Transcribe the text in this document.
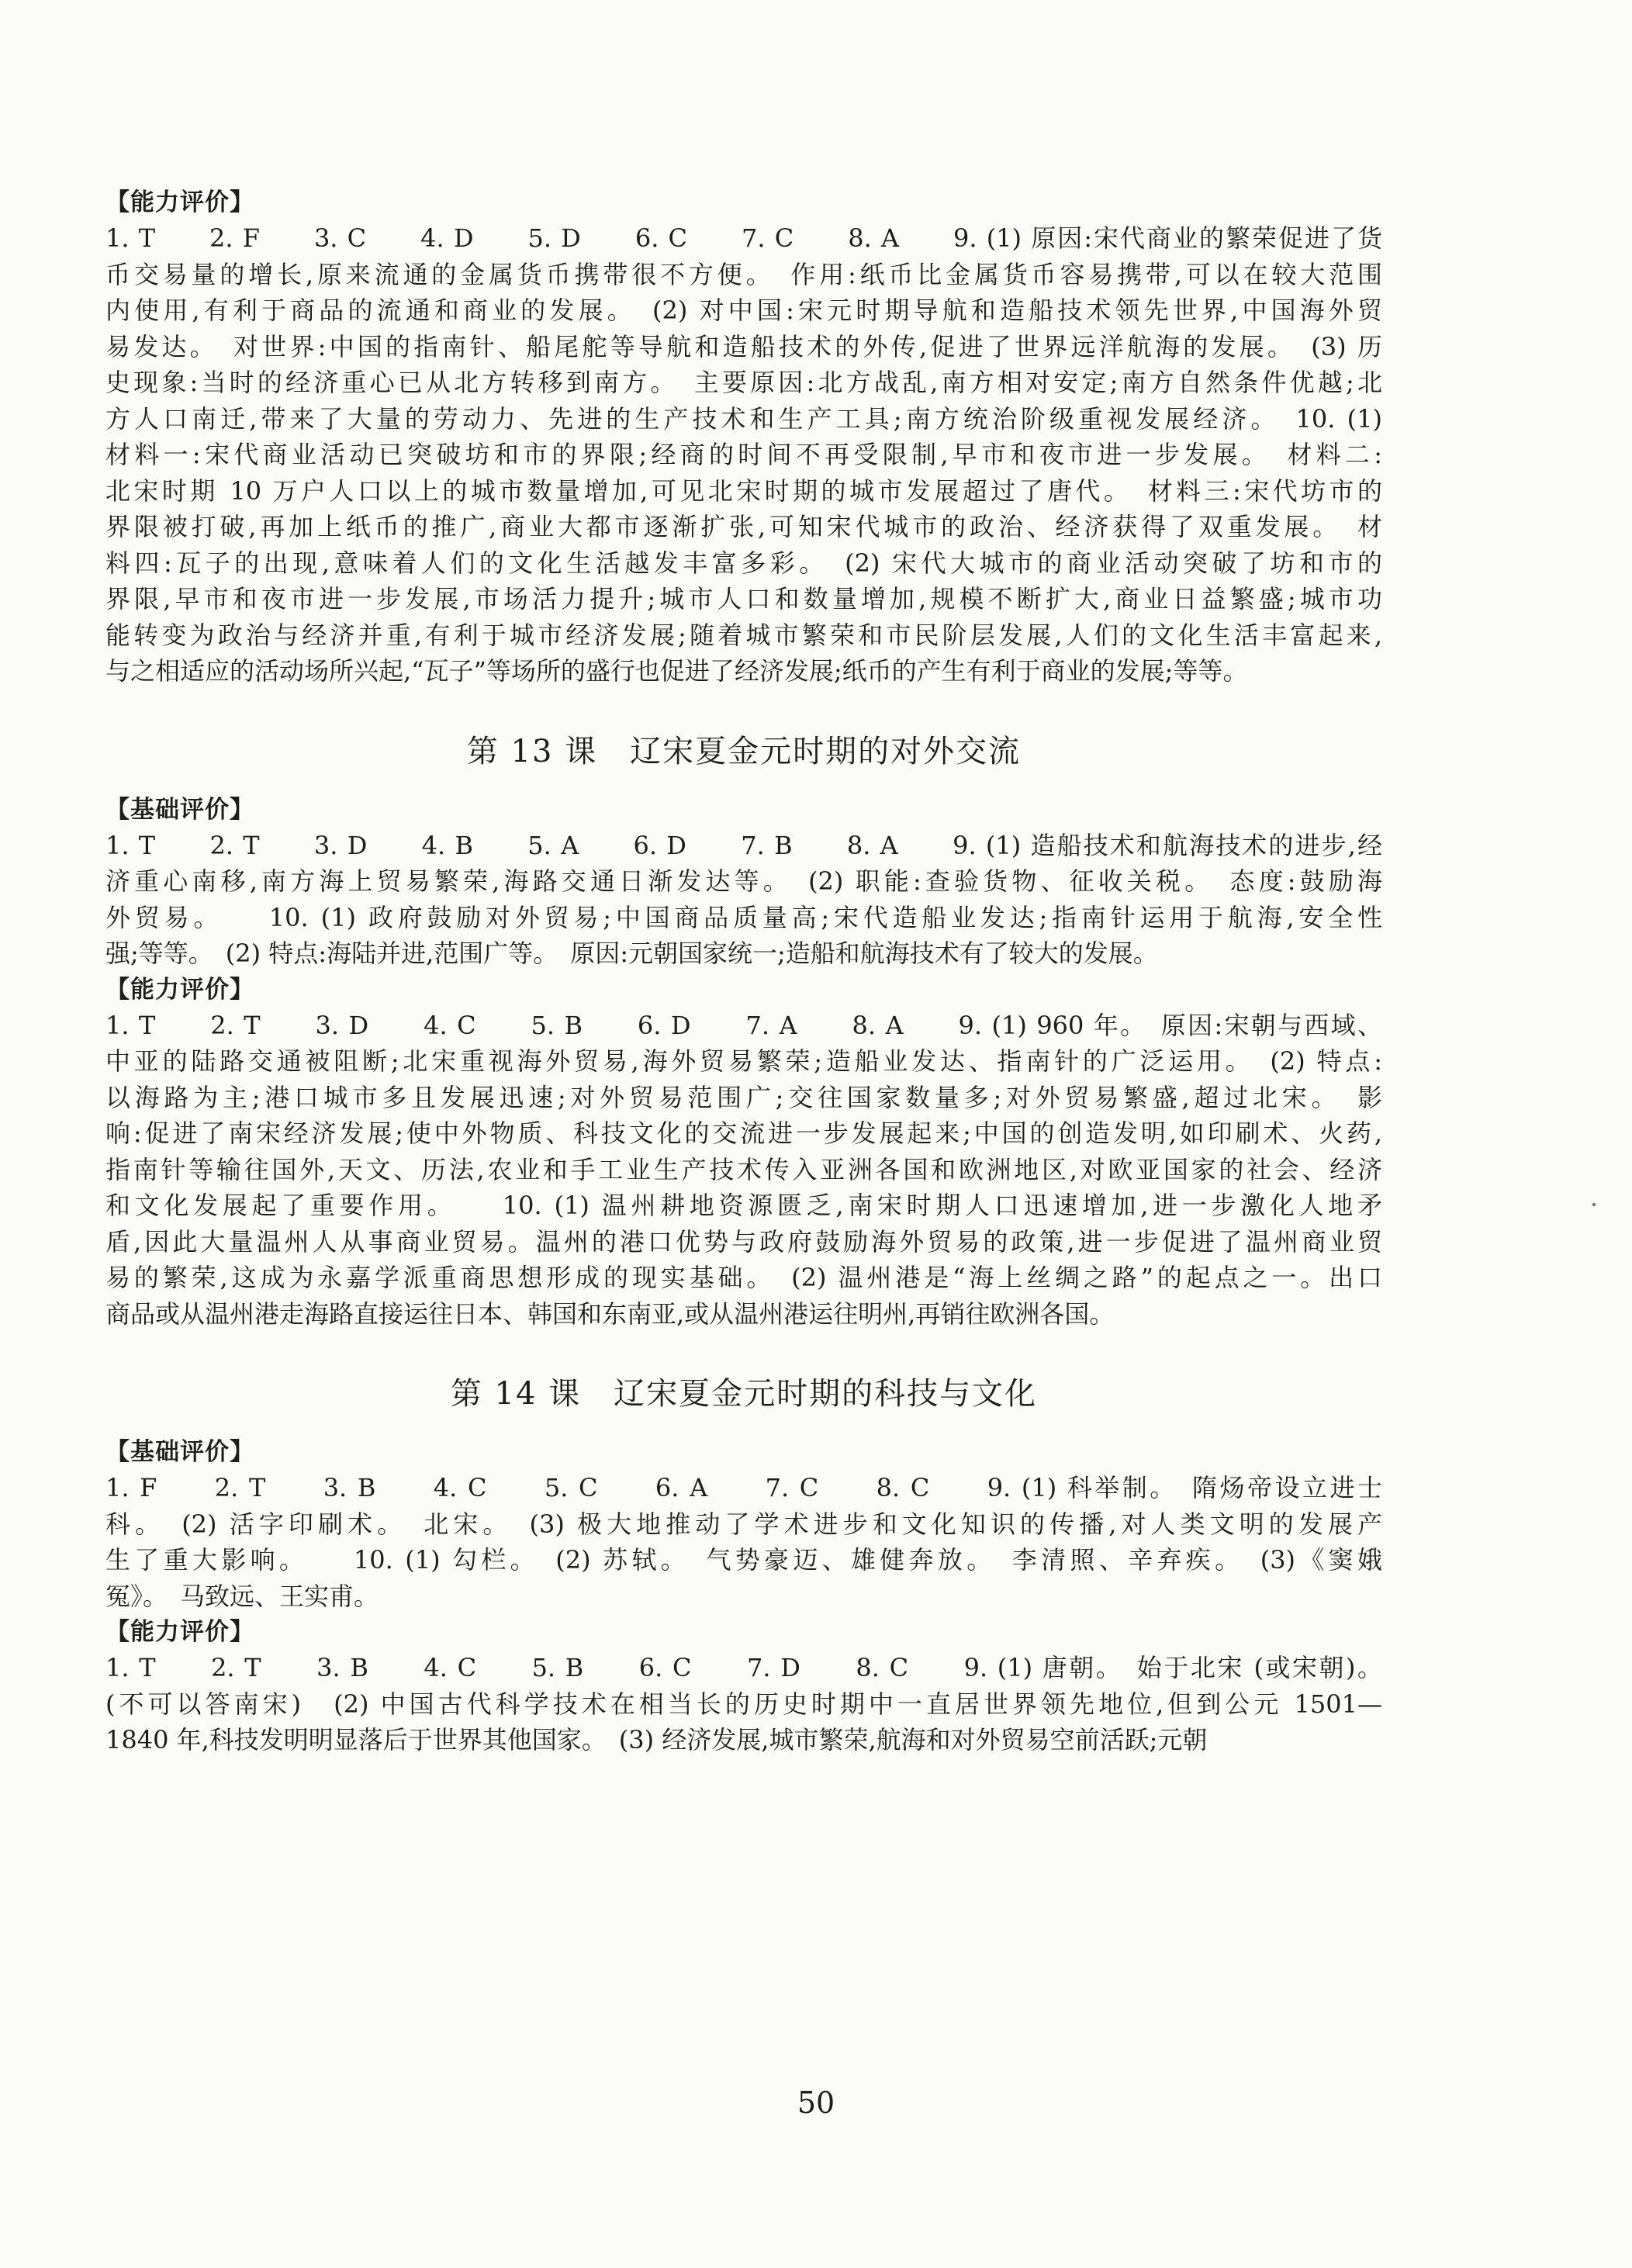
【能力评价】
1. T　　2. F　　3. C　　4. D　　5. D　　6. C　　7. C　　8. A　　9. (1) 原因:宋代商业的繁荣促进了货
币交易量的增长,原来流通的金属货币携带很不方便。　作用:纸币比金属货币容易携带,可以在较大范围
内使用,有利于商品的流通和商业的发展。　(2) 对中国:宋元时期导航和造船技术领先世界,中国海外贸
易发达。　对世界:中国的指南针、船尾舵等导航和造船技术的外传,促进了世界远洋航海的发展。　(3) 历
史现象:当时的经济重心已从北方转移到南方。　主要原因:北方战乱,南方相对安定;南方自然条件优越;北
方人口南迁,带来了大量的劳动力、先进的生产技术和生产工具;南方统治阶级重视发展经济。　10. (1)
材料一:宋代商业活动已突破坊和市的界限;经商的时间不再受限制,早市和夜市进一步发展。　材料二:
北宋时期 10 万户人口以上的城市数量增加,可见北宋时期的城市发展超过了唐代。　材料三:宋代坊市的
界限被打破,再加上纸币的推广,商业大都市逐渐扩张,可知宋代城市的政治、经济获得了双重发展。　材
料四:瓦子的出现,意味着人们的文化生活越发丰富多彩。　(2) 宋代大城市的商业活动突破了坊和市的
界限,早市和夜市进一步发展,市场活力提升;城市人口和数量增加,规模不断扩大,商业日益繁盛;城市功
能转变为政治与经济并重,有利于城市经济发展;随着城市繁荣和市民阶层发展,人们的文化生活丰富起来,
与之相适应的活动场所兴起,“瓦子”等场所的盛行也促进了经济发展;纸币的产生有利于商业的发展;等等。
第 13 课　辽宋夏金元时期的对外交流
【基础评价】
1. T　　2. T　　3. D　　4. B　　5. A　　6. D　　7. B　　8. A　　9. (1) 造船技术和航海技术的进步,经
济重心南移,南方海上贸易繁荣,海路交通日渐发达等。　(2) 职能:查验货物、征收关税。　态度:鼓励海
外贸易。　　10. (1) 政府鼓励对外贸易;中国商品质量高;宋代造船业发达;指南针运用于航海,安全性
强;等等。　(2) 特点:海陆并进,范围广等。　原因:元朝国家统一;造船和航海技术有了较大的发展。
【能力评价】
1. T　　2. T　　3. D　　4. C　　5. B　　6. D　　7. A　　8. A　　9. (1) 960 年。　原因:宋朝与西域、
中亚的陆路交通被阻断;北宋重视海外贸易,海外贸易繁荣;造船业发达、指南针的广泛运用。　(2) 特点:
以海路为主;港口城市多且发展迅速;对外贸易范围广;交往国家数量多;对外贸易繁盛,超过北宋。　影
响:促进了南宋经济发展;使中外物质、科技文化的交流进一步发展起来;中国的创造发明,如印刷术、火药,
指南针等输往国外,天文、历法,农业和手工业生产技术传入亚洲各国和欧洲地区,对欧亚国家的社会、经济
和文化发展起了重要作用。　　10. (1) 温州耕地资源匮乏,南宋时期人口迅速增加,进一步激化人地矛
盾,因此大量温州人从事商业贸易。温州的港口优势与政府鼓励海外贸易的政策,进一步促进了温州商业贸
易的繁荣,这成为永嘉学派重商思想形成的现实基础。　(2) 温州港是“海上丝绸之路”的起点之一。出口
商品或从温州港走海路直接运往日本、韩国和东南亚,或从温州港运往明州,再销往欧洲各国。
第 14 课　辽宋夏金元时期的科技与文化
【基础评价】
1. F　　2. T　　3. B　　4. C　　5. C　　6. A　　7. C　　8. C　　9. (1) 科举制。　隋炀帝设立进士
科。　(2) 活字印刷术。　北宋。　(3) 极大地推动了学术进步和文化知识的传播,对人类文明的发展产
生了重大影响。　　10. (1) 勾栏。　(2) 苏轼。　气势豪迈、雄健奔放。　李清照、辛弃疾。　(3)《窦娥
冤》。　马致远、王实甫。
【能力评价】
1. T　　2. T　　3. B　　4. C　　5. B　　6. C　　7. D　　8. C　　9. (1) 唐朝。　始于北宋 (或宋朝)。
(不可以答南宋)　(2) 中国古代科学技术在相当长的历史时期中一直居世界领先地位,但到公元 1501—
1840 年,科技发明明显落后于世界其他国家。　(3) 经济发展,城市繁荣,航海和对外贸易空前活跃;元朝
50
